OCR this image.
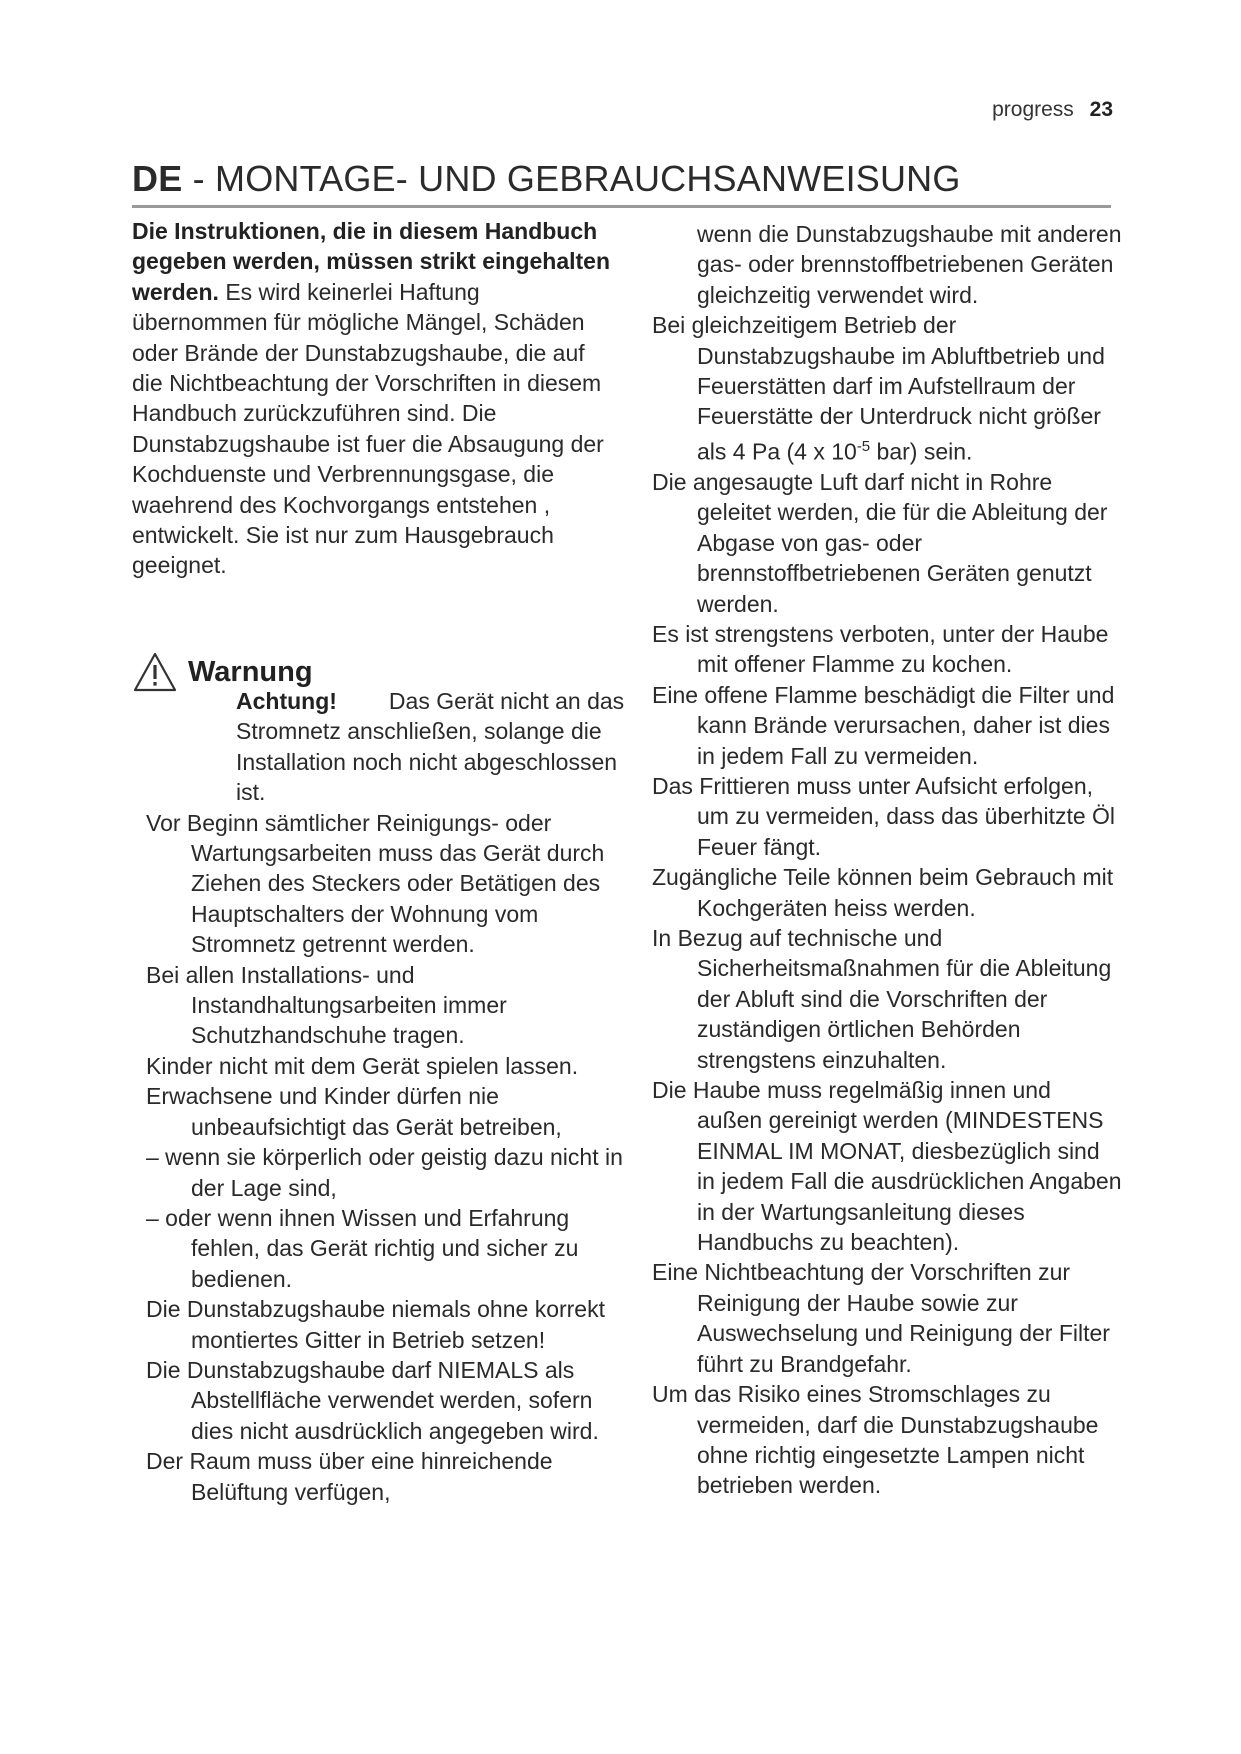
progress 23
DE - MONTAGE- UND GEBRAUCHSANWEISUNG

Die Instruktionen, die in diesem Handbuch gegeben werden, müssen strikt eingehalten werden. Es wird keinerlei Haftung übernommen für mögliche Mängel, Schäden oder Brände der Dunstabzugshaube, die auf die Nichtbeachtung der Vorschriften in diesem Handbuch zurückzuführen sind. Die Dunstabzugshaube ist fuer die Absaugung der Kochduenste und Verbrennungsgase, die waehrend des Kochvorgangs entstehen , entwickelt. Sie ist nur zum Hausgebrauch geeignet.

Warnung

Achtung! Das Gerät nicht an das Stromnetz anschließen, solange die Installation noch nicht abgeschlossen ist.

Vor Beginn sämtlicher Reinigungs- oder Wartungsarbeiten muss das Gerät durch Ziehen des Steckers oder Betätigen des Hauptschalters der Wohnung vom Stromnetz getrennt werden.

Bei allen Installations- und Instandhaltungsarbeiten immer Schutzhandschuhe tragen.

Kinder nicht mit dem Gerät spielen lassen.

Erwachsene und Kinder dürfen nie unbeaufsichtigt das Gerät betreiben,

– wenn sie körperlich oder geistig dazu nicht in der Lage sind,

– oder wenn ihnen Wissen und Erfahrung fehlen, das Gerät richtig und sicher zu bedienen.

Die Dunstabzugshaube niemals ohne korrekt montiertes Gitter in Betrieb setzen!

Die Dunstabzugshaube darf NIEMALS als Abstellfläche verwendet werden, sofern dies nicht ausdrücklich angegeben wird.

Der Raum muss über eine hinreichende Belüftung verfügen,

wenn die Dunstabzugshaube mit anderen gas- oder brennstoffbetriebenen Geräten gleichzeitig verwendet wird.

Bei gleichzeitigem Betrieb der Dunstabzugshaube im Abluftbetrieb und Feuerstätten darf im Aufstellraum der Feuerstätte der Unterdruck nicht größer als 4 Pa (4 x $10^{-5}$ bar) sein.

Die angesaugte Luft darf nicht in Rohre geleitet werden, die für die Ableitung der Abgase von gas- oder brennstoffbetriebenen Geräten genutzt werden.

Es ist strengstens verboten, unter der Haube mit offener Flamme zu kochen.

Eine offene Flamme beschädigt die Filter und kann Brände verursachen, daher ist dies in jedem Fall zu vermeiden.

Das Frittieren muss unter Aufsicht erfolgen, um zu vermeiden, dass das überhitzte Öl Feuer fängt.

Zugängliche Teile können beim Gebrauch mit Kochgeräten heiss werden.

In Bezug auf technische und Sicherheitsmaßnahmen für die Ableitung der Abluft sind die Vorschriften der zuständigen örtlichen Behörden strengstens einzuhalten.

Die Haube muss regelmäßig innen und außen gereinigt werden (MINDESTENS EINMAL IM MONAT, diesbezüglich sind in jedem Fall die ausdrücklichen Angaben in der Wartungsanleitung dieses Handbuchs zu beachten).

Eine Nichtbeachtung der Vorschriften zur Reinigung der Haube sowie zur Auswechselung und Reinigung der Filter führt zu Brandgefahr.

Um das Risiko eines Stromschlages zu vermeiden, darf die Dunstabzugshaube ohne richtig eingesetzte Lampen nicht betrieben werden.
